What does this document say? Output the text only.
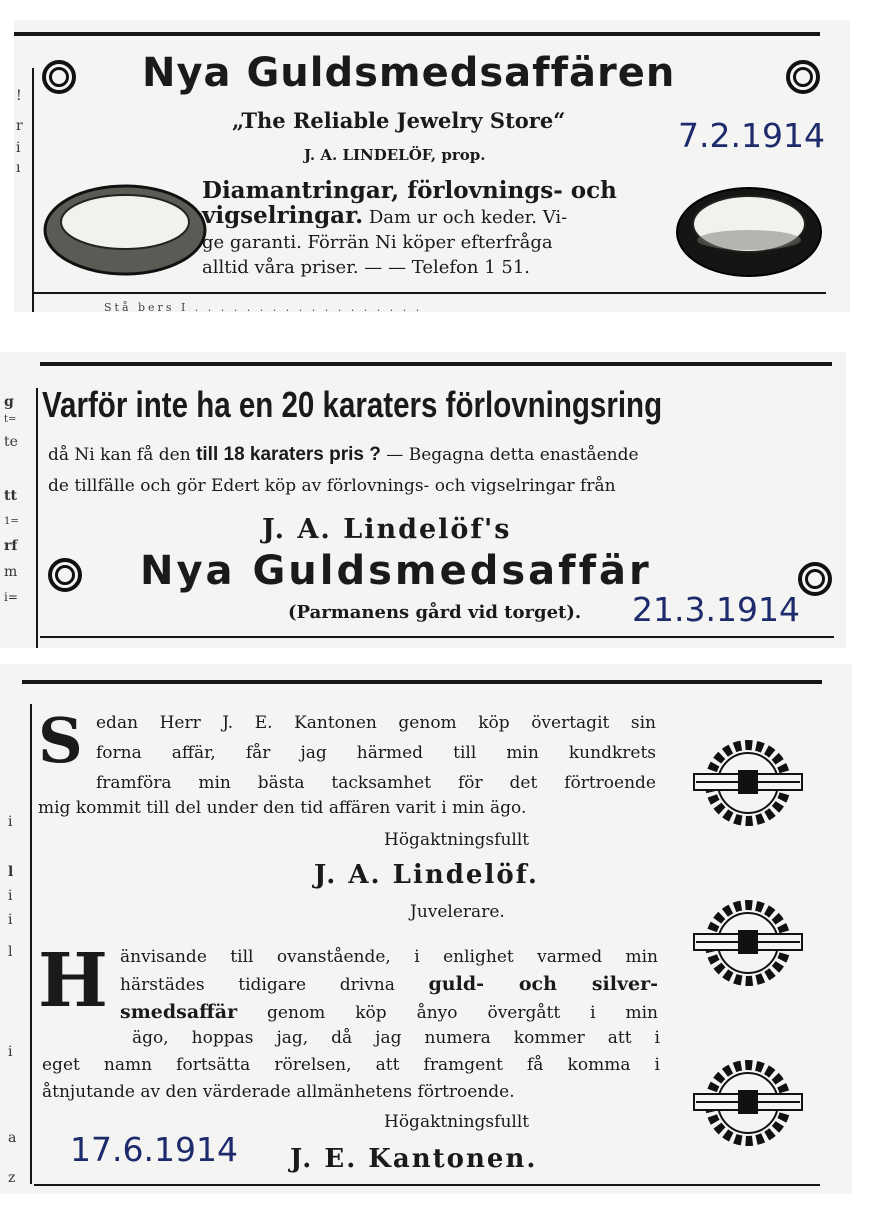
!
r
i
ı
Nya Guldsmedsaffären
„The Reliable Jewelry Store“
J. A. LINDELÖF, prop.
Diamantringar, förlovnings- och
vigselringar. Dam ur och keder. Vi-
ge garanti. Förrän Ni köper efterfråga
alltid våra priser. — — Telefon 1 51.
7.2.1914
Stå bers I . . . . . . . . . . . . . . . . . .
g
t=
te
tt
1=
rf
m
i=
Varför inte ha en 20 karaters förlovningsring
då Ni kan få den till 18 karaters pris ? — Begagna detta enastående
de tillfälle och gör Edert köp av förlovnings- och vigselringar från
J. A. Lindelöf's
Nya Guldsmedsaffär
(Parmanens gård vid torget). 21.3.1914
i
l
i
i
l
i
a
z
S edan Herr J. E. Kantonen genom köp övertagit sin
forna affär, får jag härmed till min kundkrets
framföra min bästa tacksamhet för det förtroende
mig kommit till del under den tid affären varit i min ägo.
Högaktningsfullt
J. A. Lindelöf.
Juvelerare.
H änvisande till ovanstående, i enlighet varmed min
härstädes tidigare drivna guld- och silver-
smedsaffär genom köp ånyo övergått i min
ägo, hoppas jag, då jag numera kommer att i
eget namn fortsätta rörelsen, att framgent få komma i
åtnjutande av den värderade allmänhetens förtroende.
Högaktningsfullt
J. E. Kantonen.
17.6.1914
